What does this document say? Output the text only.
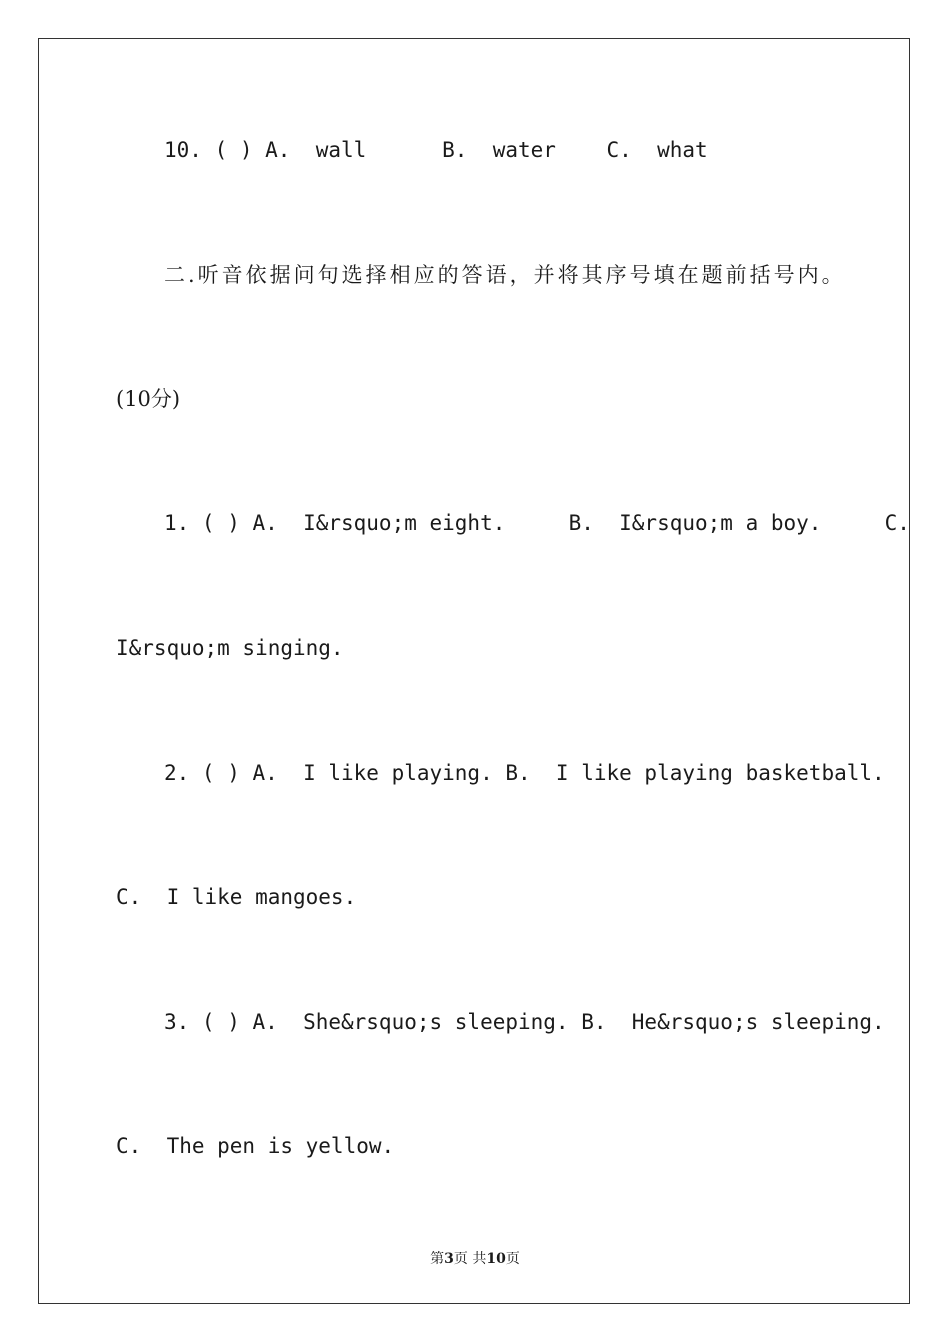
10. ( ) A.  wall      B.  water    C.  what
二.听音依据问句选择相应的答语，并将其序号填在题前括号内。
(10分)
1. ( ) A.  I&rsquo;m eight.     B.  I&rsquo;m a boy.     C.
I&rsquo;m singing.
2. ( ) A.  I like playing. B.  I like playing basketball.
C.  I like mangoes.
3. ( ) A.  She&rsquo;s sleeping. B.  He&rsquo;s sleeping.
C.  The pen is yellow.
第3页 共10页
